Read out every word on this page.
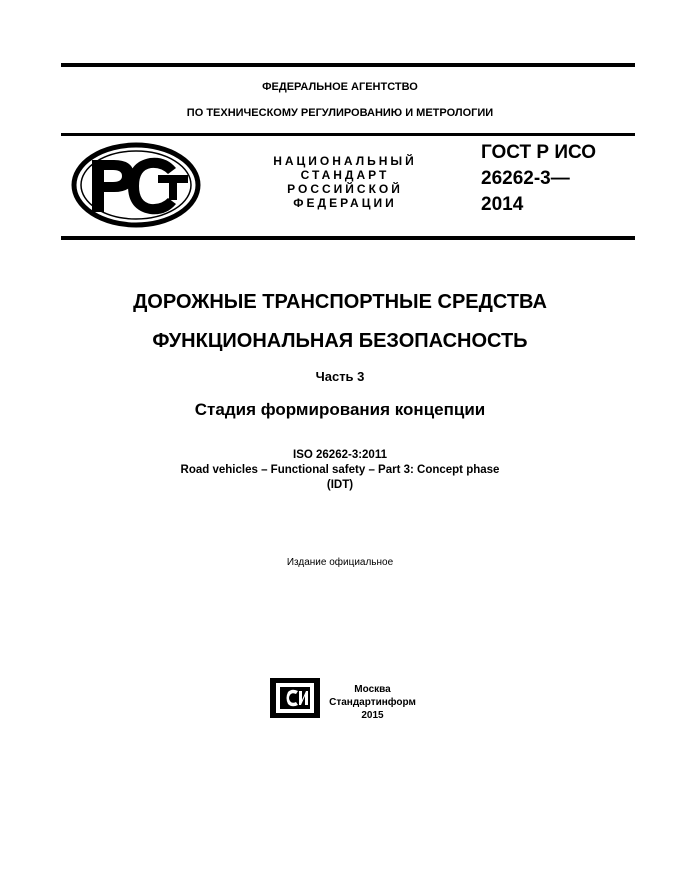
ФЕДЕРАЛЬНОЕ АГЕНТСТВО
ПО ТЕХНИЧЕСКОМУ РЕГУЛИРОВАНИЮ И МЕТРОЛОГИИ
НАЦИОНАЛЬНЫЙ
СТАНДАРТ
РОССИЙСКОЙ
ФЕДЕРАЦИИ
ГОСТ Р ИСО
26262-3—
2014
ДОРОЖНЫЕ ТРАНСПОРТНЫЕ СРЕДСТВА
ФУНКЦИОНАЛЬНАЯ БЕЗОПАСНОСТЬ
Часть 3
Стадия формирования концепции
ISO 26262-3:2011
Road vehicles – Functional safety – Part 3: Concept phase
(IDT)
Издание официальное
Москва
Стандартинформ
2015
